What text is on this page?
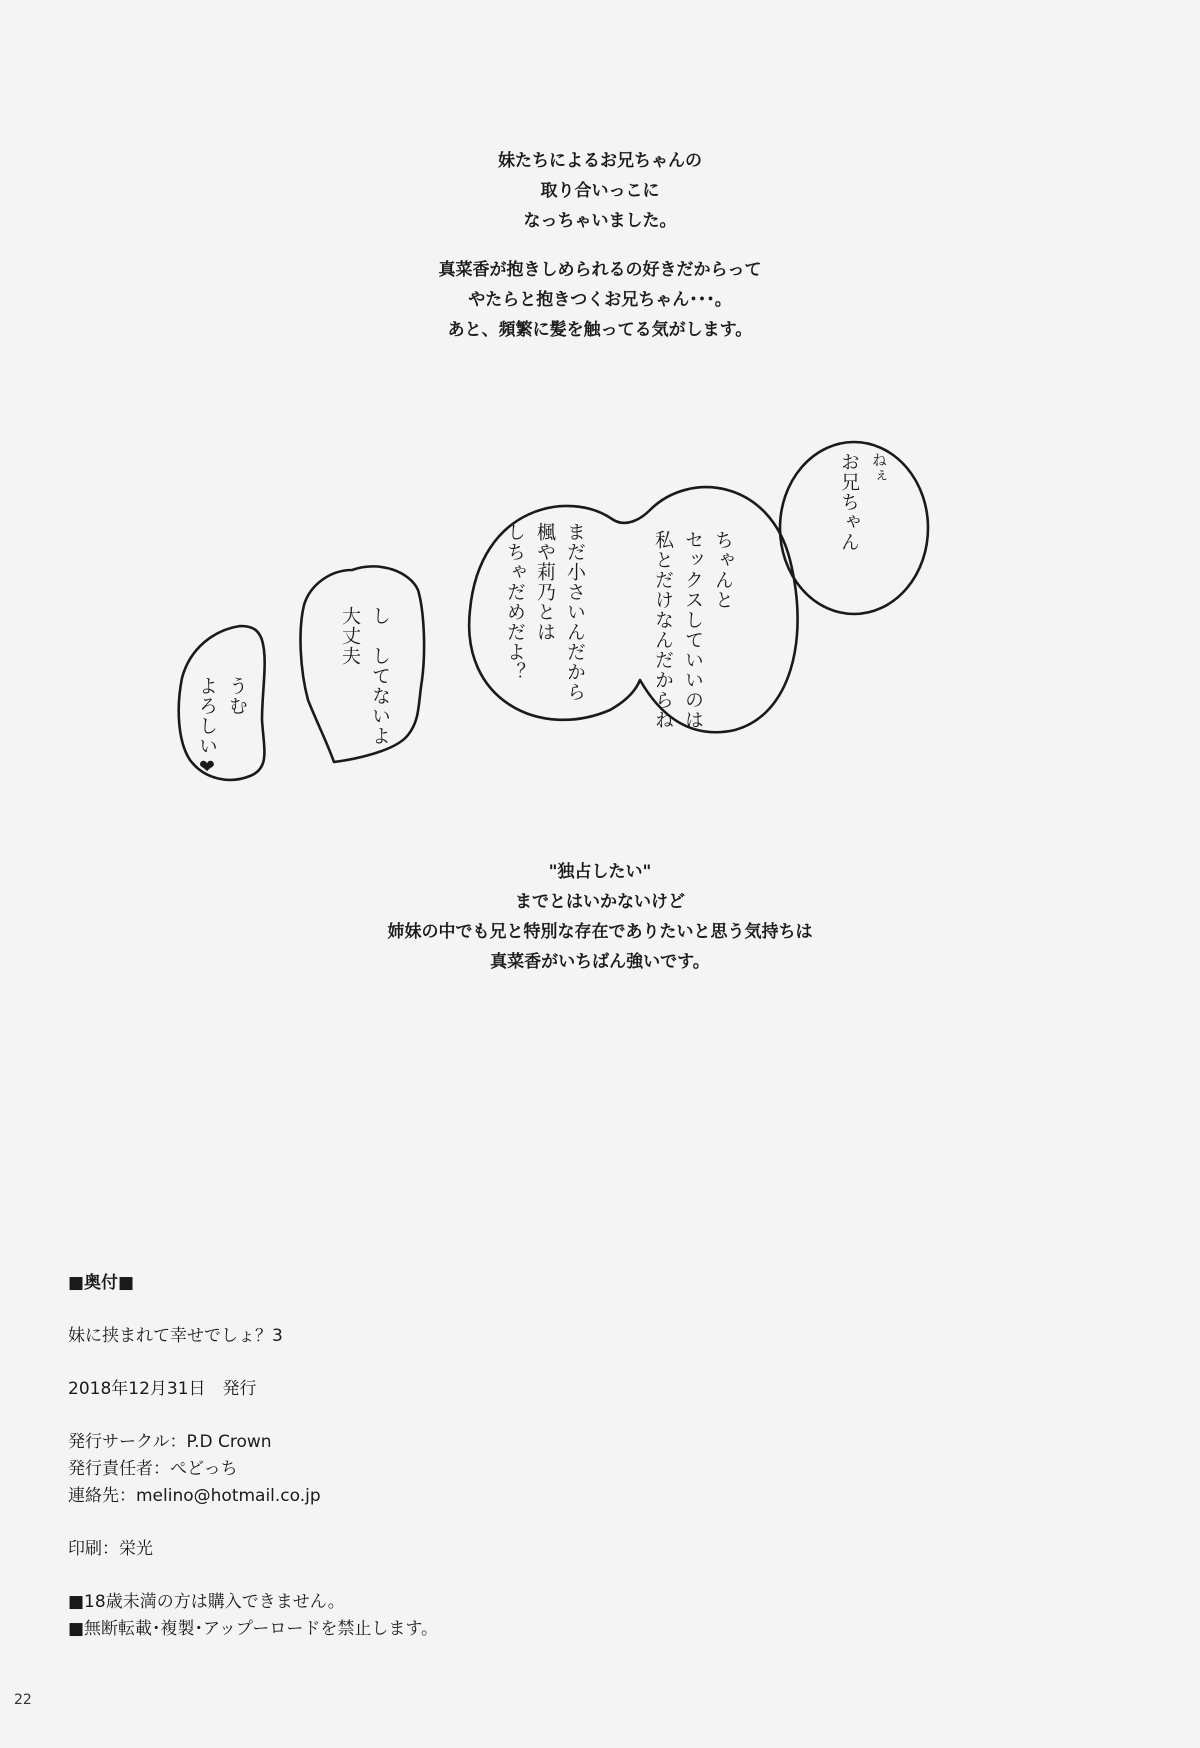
妹たちによるお兄ちゃんの
取り合いっこに
なっちゃいました。
真菜香が抱きしめられるの好きだからって
やたらと抱きつくお兄ちゃん･･･。
あと、頻繁に髪を触ってる気がします。
ねぇ
お兄ちゃん
ちゃんと
セックスしていいのは
私とだけなんだからね
まだ小さいんだから
楓や莉乃とは
しちゃだめだよ？
し　してないよ
大丈夫
うむ
よろしい❤
"独占したい"
までとはいかないけど
姉妹の中でも兄と特別な存在でありたいと思う気持ちは
真菜香がいちばん強いです。
■奥付■
妹に挟まれて幸せでしょ？3
2018年12月31日　発行
発行サークル：P.D Crown
発行責任者：ぺどっち
連絡先：melino@hotmail.co.jp
印刷：栄光
■18歳未満の方は購入できません。
■無断転載･複製･アップーロードを禁止します。
22
